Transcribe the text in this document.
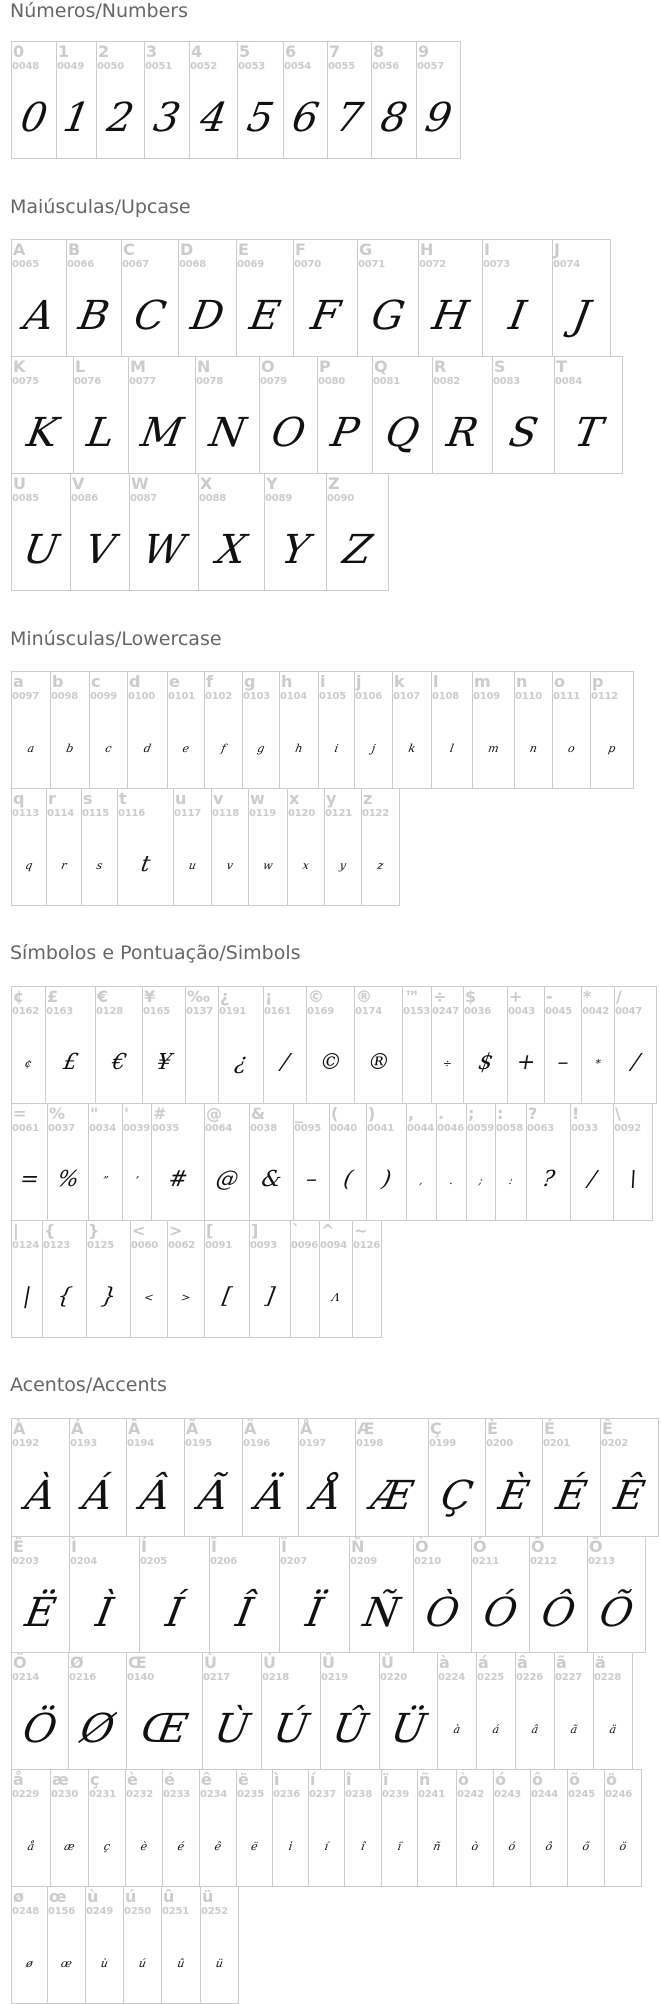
Números/Numbers
0
0048
0
1
0049
1
2
0050
2
3
0051
3
4
0052
4
5
0053
5
6
0054
6
7
0055
7
8
0056
8
9
0057
9
Maiúsculas/Upcase
A
0065
A
B
0066
B
C
0067
C
D
0068
D
E
0069
E
F
0070
F
G
0071
G
H
0072
H
I
0073
I
J
0074
J
K
0075
K
L
0076
L
M
0077
M
N
0078
N
O
0079
O
P
0080
P
Q
0081
Q
R
0082
R
S
0083
S
T
0084
T
U
0085
U
V
0086
V
W
0087
W
X
0088
X
Y
0089
Y
Z
0090
Z
Minúsculas/Lowercase
a
0097
a
b
0098
b
c
0099
c
d
0100
d
e
0101
e
f
0102
f
g
0103
g
h
0104
h
i
0105
i
j
0106
j
k
0107
k
l
0108
l
m
0109
m
n
0110
n
o
0111
o
p
0112
p
q
0113
q
r
0114
r
s
0115
s
t
0116
t
u
0117
u
v
0118
v
w
0119
w
x
0120
x
y
0121
y
z
0122
z
Símbolos e Pontuação/Simbols
¢
0162
¢
£
0163
£
€
0128
€
¥
0165
¥
‰
0137
¿
0191
¿
¡
0161
/
©
0169
©
®
0174
®
™
0153
÷
0247
÷
$
0036
$
+
0043
+
-
0045
–
*
0042
*
/
0047
/
=
0061
=
%
0037
%
"
0034
”
'
0039
’
#
0035
#
@
0064
@
&
0038
&
_
0095
–
(
0040
(
)
0041
)
,
0044
,
.
0046
.
;
0059
;
:
0058
:
?
0063
?
!
0033
/
\
0092
\
|
0124
|
{
0123
{
}
0125
}
<
0060
<
>
0062
>
[
0091
[
]
0093
]
`
0096
^
0094
Λ
~
0126
Acentos/Accents
À
0192
À
Á
0193
Á
Â
0194
Â
Ã
0195
Ã
Ä
0196
Ä
Å
0197
Å
Æ
0198
Æ
Ç
0199
Ç
È
0200
È
É
0201
É
Ê
0202
Ê
Ë
0203
Ë
Ì
0204
Ì
Í
0205
Í
Î
0206
Î
Ï
0207
Ï
Ñ
0209
Ñ
Ò
0210
Ò
Ó
0211
Ó
Ô
0212
Ô
Õ
0213
Õ
Ö
0214
Ö
Ø
0216
Ø
Œ
0140
Œ
Ù
0217
Ù
Ú
0218
Ú
Û
0219
Û
Ü
0220
Ü
à
0224
à
á
0225
á
â
0226
â
ã
0227
ã
ä
0228
ä
å
0229
å
æ
0230
æ
ç
0231
ç
è
0232
è
é
0233
é
ê
0234
ê
ë
0235
ë
ì
0236
ì
í
0237
í
î
0238
î
ï
0239
ï
ñ
0241
ñ
ò
0242
ò
ó
0243
ó
ô
0244
ô
õ
0245
õ
ö
0246
ö
ø
0248
ø
œ
0156
œ
ù
0249
ù
ú
0250
ú
û
0251
û
ü
0252
ü
